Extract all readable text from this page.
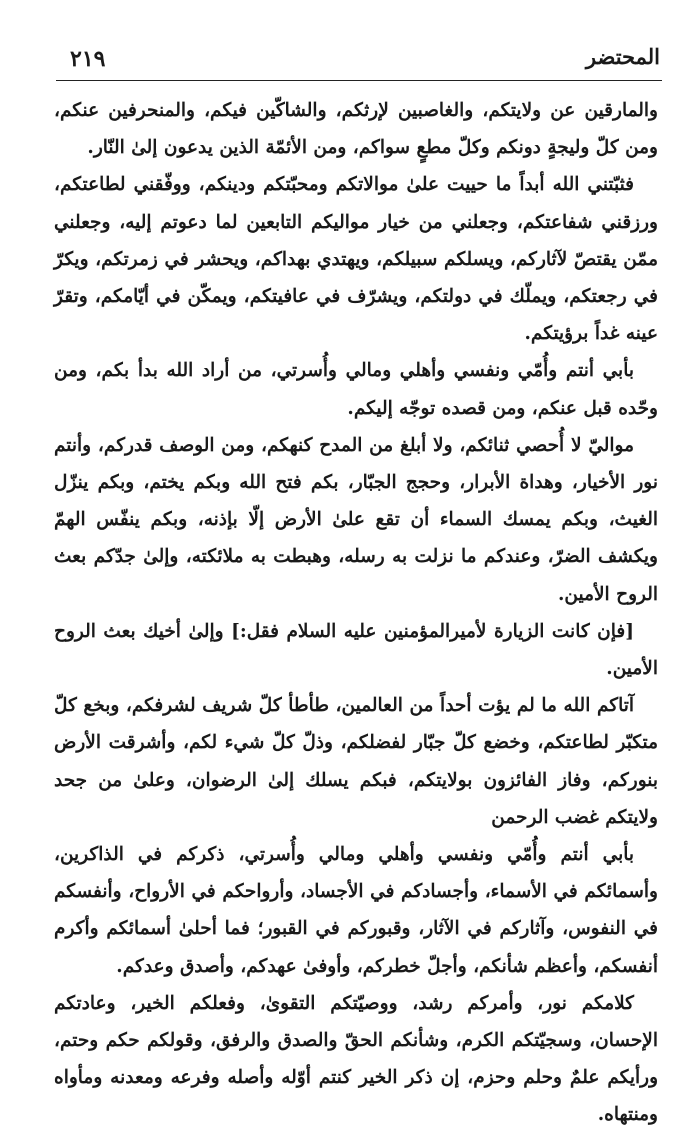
٢١٩	المحتضر

والمارقين عن ولايتكم، والغاصبين لإرثكم، والشاكّين فيكم، والمنحرفين عنكم، ومن كلّ وليجةٍ دونكم وكلّ مطعٍ سواكم، ومن الأئمّة الذين يدعون إلىٰ النّار.

فثبّتني الله أبداً ما حييت علىٰ موالاتكم ومحبّتكم ودينكم، ووفّقني لطاعتكم، ورزقني شفاعتكم، وجعلني من خيار مواليكم التابعين لما دعوتم إليه، وجعلني ممّن يقتصّ لآثاركم، ويسلكم سبيلكم، ويهتدي بهداكم، ويحشر في زمرتكم، ويكرّ في رجعتكم، ويملّك في دولتكم، ويشرّف في عافيتكم، ويمكّن في أيّامكم، وتقرّ عينه غداً برؤيتكم.

بأبي أنتم وأُمّي ونفسي وأهلي ومالي وأُسرتي، من أراد الله بدأ بكم، ومن وحّده قبل عنكم، ومن قصده توجّه إليكم.

مواليّ لا أُحصي ثنائكم، ولا أبلغ من المدح كنهكم، ومن الوصف قدركم، وأنتم نور الأخيار، وهداة الأبرار، وحجج الجبّار، بكم فتح الله وبكم يختم، وبكم ينزّل الغيث، وبكم يمسك السماء أن تقع علىٰ الأرض إلّا بإذنه، وبكم ينفّس الهمّ ويكشف الضرّ، وعندكم ما نزلت به رسله، وهبطت به ملائكته، وإلىٰ جدّكم بعث الروح الأمين.

[فإن كانت الزيارة لأميرالمؤمنين عليه السلام فقل:] وإلىٰ أخيك بعث الروح الأمين.

آتاكم الله ما لم يؤت أحداً من العالمين، طأطأ كلّ شريف لشرفكم، وبخع كلّ متكبّر لطاعتكم، وخضع كلّ جبّار لفضلكم، وذلّ كلّ شيء لكم، وأشرقت الأرض بنوركم، وفاز الفائزون بولايتكم، فبكم يسلك إلىٰ الرضوان، وعلىٰ من جحد ولايتكم غضب الرحمن

بأبي أنتم وأُمّي ونفسي وأهلي ومالي وأُسرتي، ذكركم في الذاكرين، وأسمائكم في الأسماء، وأجسادكم في الأجساد، وأرواحكم في الأرواح، وأنفسكم في النفوس، وآثاركم في الآثار، وقبوركم في القبور؛ فما أحلىٰ أسمائكم وأكرم أنفسكم، وأعظم شأنكم، وأجلّ خطركم، وأوفىٰ عهدكم، وأصدق وعدكم.

كلامكم نور، وأمركم رشد، ووصيّتكم التقوىٰ، وفعلكم الخير، وعادتكم الإحسان، وسجيّتكم الكرم، وشأنكم الحقّ والصدق والرفق، وقولكم حكم وحتم، ورأيكم علمٌ وحلم وحزم، إن ذكر الخير كنتم أوّله وأصله وفرعه ومعدنه ومأواه ومنتهاه.
